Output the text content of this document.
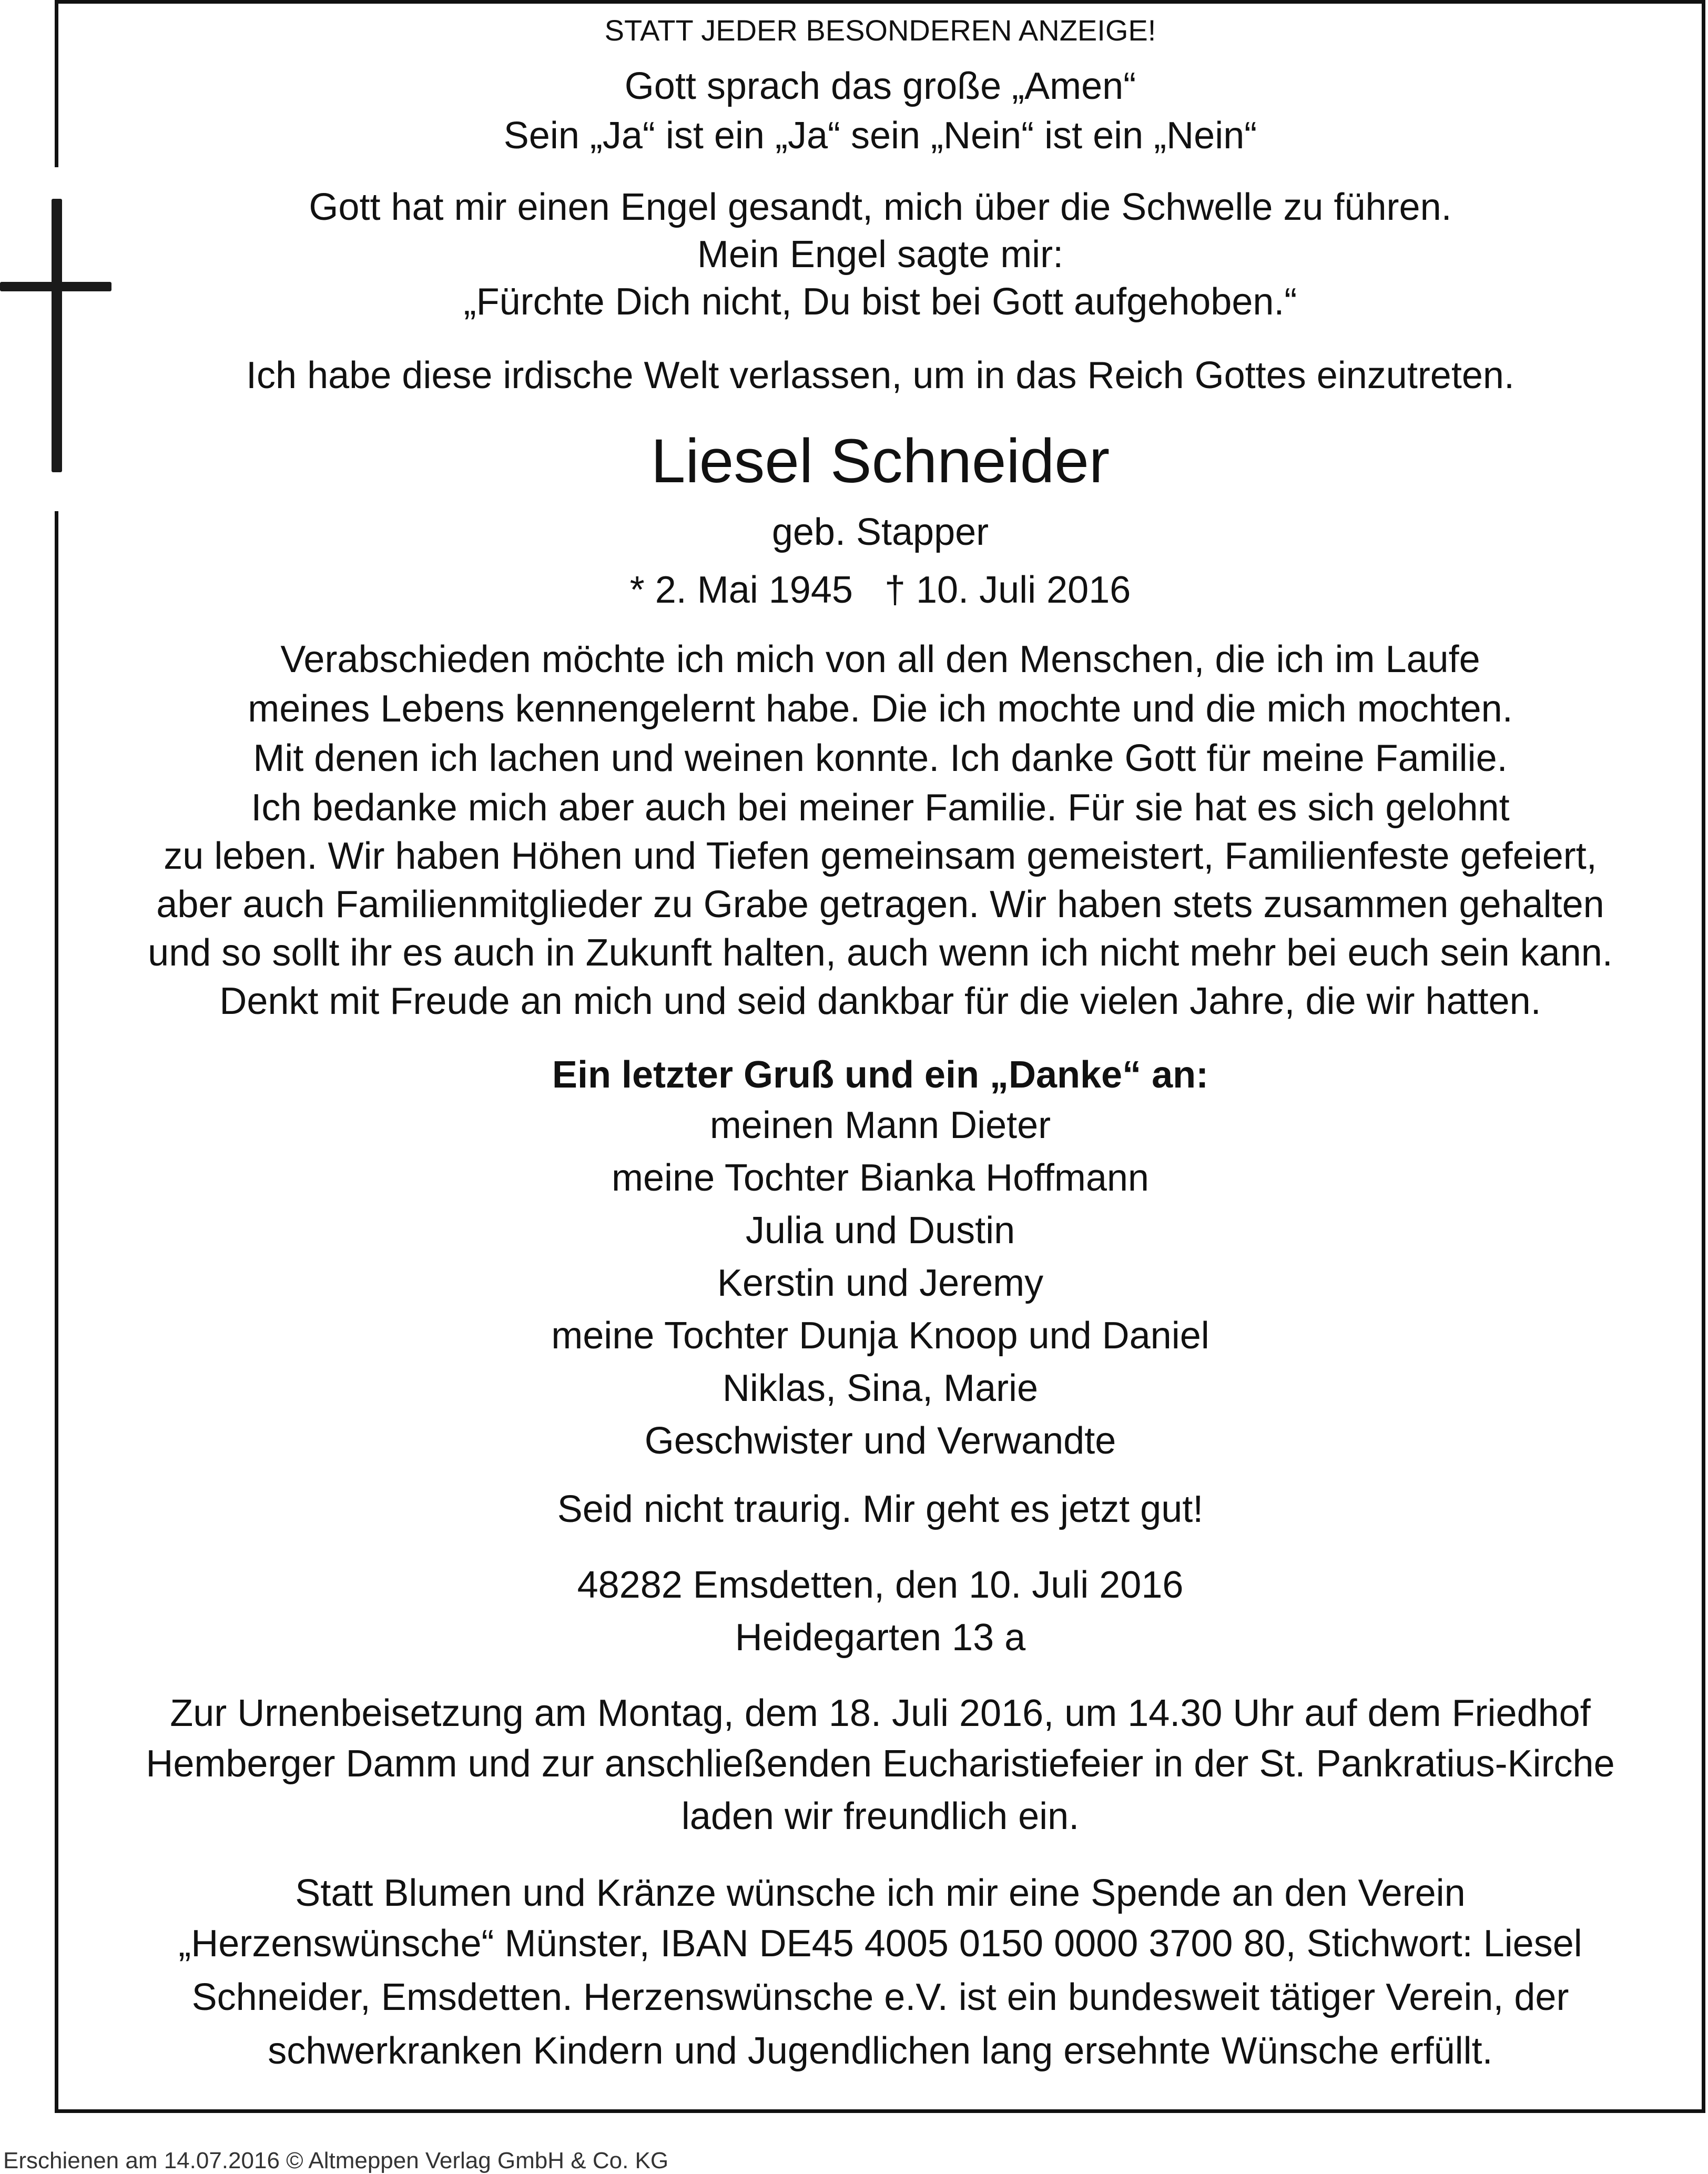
STATT JEDER BESONDEREN ANZEIGE!
Gott sprach das große „Amen“
Sein „Ja“ ist ein „Ja“ sein „Nein“ ist ein „Nein“
Gott hat mir einen Engel gesandt, mich über die Schwelle zu führen.
Mein Engel sagte mir:
„Fürchte Dich nicht, Du bist bei Gott aufgehoben.“
Ich habe diese irdische Welt verlassen, um in das Reich Gottes einzutreten.
Liesel Schneider
geb. Stapper
* 2. Mai 1945   † 10. Juli 2016
Verabschieden möchte ich mich von all den Menschen, die ich im Laufe
meines Lebens kennengelernt habe. Die ich mochte und die mich mochten.
Mit denen ich lachen und weinen konnte. Ich danke Gott für meine Familie.
Ich bedanke mich aber auch bei meiner Familie. Für sie hat es sich gelohnt
zu leben. Wir haben Höhen und Tiefen gemeinsam gemeistert, Familienfeste gefeiert,
aber auch Familienmitglieder zu Grabe getragen. Wir haben stets zusammen gehalten
und so sollt ihr es auch in Zukunft halten, auch wenn ich nicht mehr bei euch sein kann.
Denkt mit Freude an mich und seid dankbar für die vielen Jahre, die wir hatten.
Ein letzter Gruß und ein „Danke“ an:
meinen Mann Dieter
meine Tochter Bianka Hoffmann
Julia und Dustin
Kerstin und Jeremy
meine Tochter Dunja Knoop und Daniel
Niklas, Sina, Marie
Geschwister und Verwandte
Seid nicht traurig. Mir geht es jetzt gut!
48282 Emsdetten, den 10. Juli 2016
Heidegarten 13 a
Zur Urnenbeisetzung am Montag, dem 18. Juli 2016, um 14.30 Uhr auf dem Friedhof
Hemberger Damm und zur anschließenden Eucharistiefeier in der St. Pankratius-Kirche
laden wir freundlich ein.
Statt Blumen und Kränze wünsche ich mir eine Spende an den Verein
„Herzenswünsche“ Münster, IBAN DE45 4005 0150 0000 3700 80, Stichwort: Liesel
Schneider, Emsdetten. Herzenswünsche e.V. ist ein bundesweit tätiger Verein, der
schwerkranken Kindern und Jugendlichen lang ersehnte Wünsche erfüllt.
Erschienen am 14.07.2016 © Altmeppen Verlag GmbH & Co. KG
